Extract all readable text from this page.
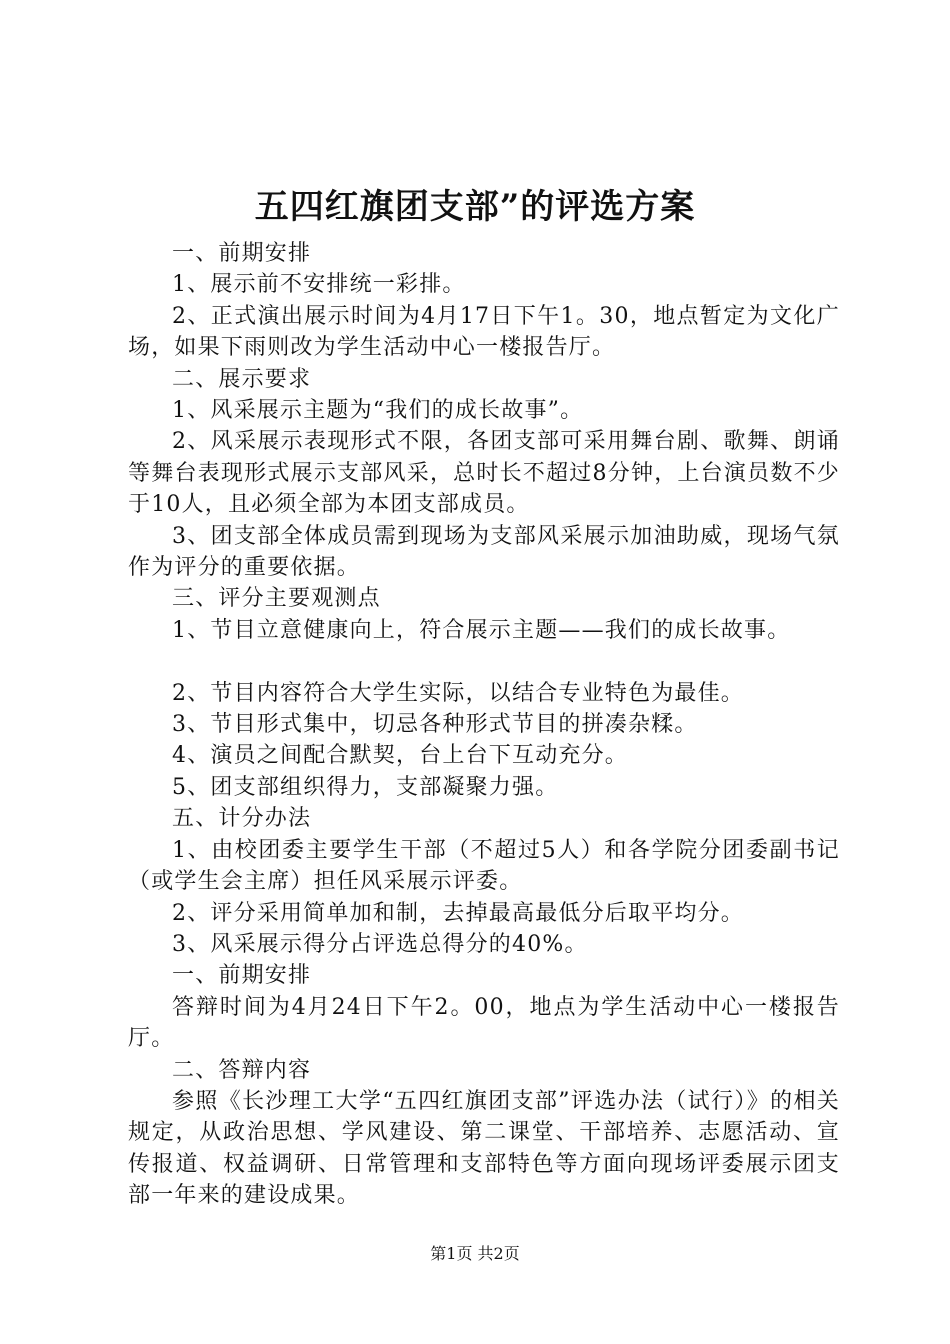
五四红旗团支部”的评选方案

一、前期安排

1、展示前不安排统一彩排。

2、正式演出展示时间为4月17日下午1。30，地点暂定为文化广场，如果下雨则改为学生活动中心一楼报告厅。

二、展示要求

1、风采展示主题为“我们的成长故事”。

2、风采展示表现形式不限，各团支部可采用舞台剧、歌舞、朗诵等舞台表现形式展示支部风采，总时长不超过8分钟，上台演员数不少于10人，且必须全部为本团支部成员。

3、团支部全体成员需到现场为支部风采展示加油助威，现场气氛作为评分的重要依据。

三、评分主要观测点

1、节目立意健康向上，符合展示主题——我们的成长故事。

2、节目内容符合大学生实际，以结合专业特色为最佳。

3、节目形式集中，切忌各种形式节目的拼凑杂糅。

4、演员之间配合默契，台上台下互动充分。

5、团支部组织得力，支部凝聚力强。

五、计分办法

1、由校团委主要学生干部（不超过5人）和各学院分团委副书记（或学生会主席）担任风采展示评委。

2、评分采用简单加和制，去掉最高最低分后取平均分。

3、风采展示得分占评选总得分的40%。

一、前期安排

答辩时间为4月24日下午2。00，地点为学生活动中心一楼报告厅。

二、答辩内容

参照《长沙理工大学“五四红旗团支部”评选办法（试行）》的相关规定，从政治思想、学风建设、第二课堂、干部培养、志愿活动、宣传报道、权益调研、日常管理和支部特色等方面向现场评委展示团支部一年来的建设成果。

第1页 共2页
